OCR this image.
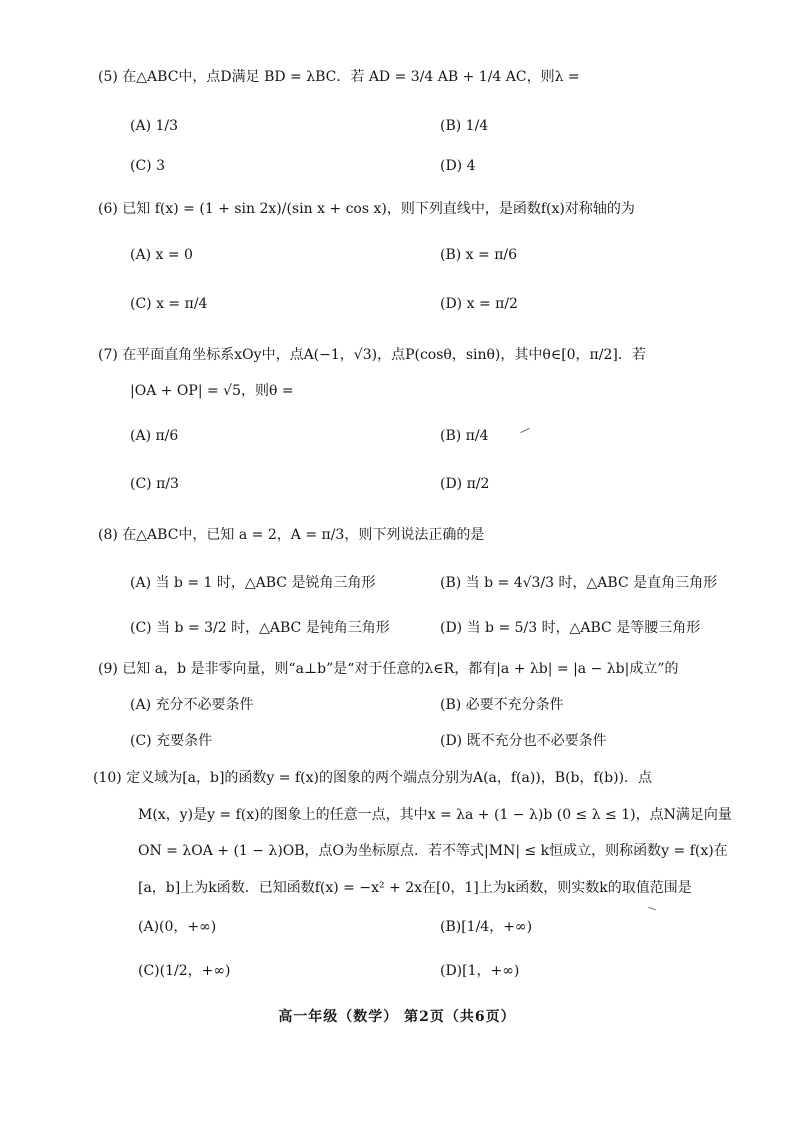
(5) 在△ABC中，点D满足 BD = λBC．若 AD = 3/4 AB + 1/4 AC，则λ =
(A) 1/3	(B) 1/4
(C) 3	(D) 4
(6) 已知 f(x) = (1 + sin 2x)/(sin x + cos x)，则下列直线中，是函数f(x)对称轴的为
(A) x = 0	(B) x = π/6
(C) x = π/4	(D) x = π/2
(7) 在平面直角坐标系xOy中，点A(−1，√3)，点P(cosθ，sinθ)，其中θ∈[0，π/2]．若
|OA + OP| = √5，则θ =
(A) π/6	(B) π/4
(C) π/3	(D) π/2
(8) 在△ABC中，已知 a = 2，A = π/3，则下列说法正确的是
(A) 当 b = 1 时，△ABC 是锐角三角形	(B) 当 b = 4√3/3 时，△ABC 是直角三角形
(C) 当 b = 3/2 时，△ABC 是钝角三角形	(D) 当 b = 5/3 时，△ABC 是等腰三角形
(9) 已知 a，b 是非零向量，则“a⊥b”是“对于任意的λ∈R，都有|a + λb| = |a − λb|成立”的
(A) 充分不必要条件	(B) 必要不充分条件
(C) 充要条件	(D) 既不充分也不必要条件
(10) 定义域为[a，b]的函数y = f(x)的图象的两个端点分别为A(a，f(a))，B(b，f(b))．点
M(x，y)是y = f(x)的图象上的任意一点，其中x = λa + (1 − λ)b (0 ≤ λ ≤ 1)，点N满足向量
ON = λOA + (1 − λ)OB，点O为坐标原点．若不等式|MN| ≤ k恒成立，则称函数y = f(x)在
[a，b]上为k函数．已知函数f(x) = −x² + 2x在[0，1]上为k函数，则实数k的取值范围是
(A)(0，+∞)	(B)[1/4，+∞)
(C)(1/2，+∞)	(D)[1，+∞)
高一年级（数学） 第2页（共6页）
